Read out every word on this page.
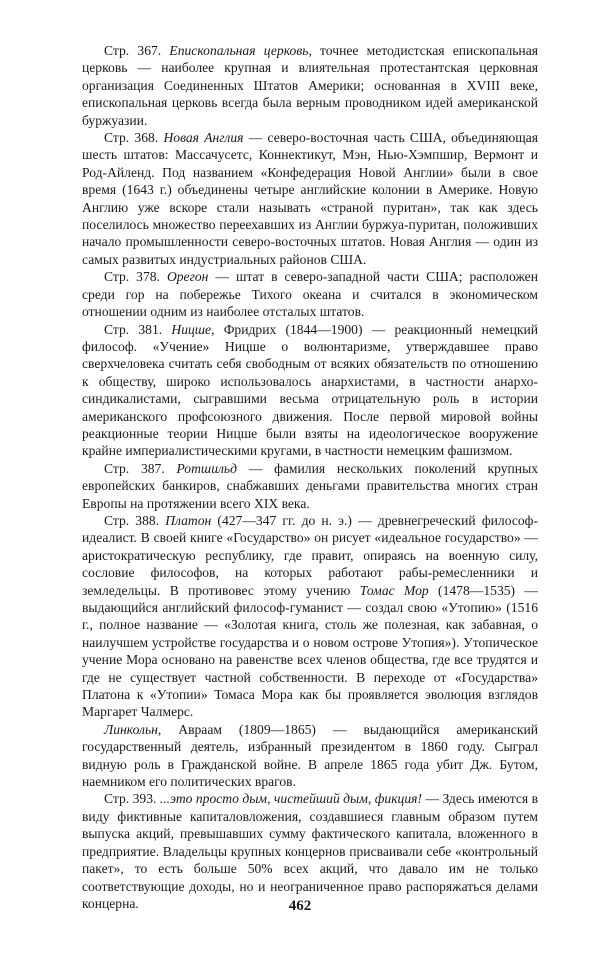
Стр. 367. Епископальная церковь, точнее методистская епископальная церковь — наиболее крупная и влиятельная протестантская церковная организация Соединенных Штатов Америки; основанная в XVIII веке, епископальная церковь всегда была верным проводником идей американской буржуазии.

Стр. 368. Новая Англия — северо-восточная часть США, объединяющая шесть штатов: Массачусетс, Коннектикут, Мэн, Нью-Хэмпшир, Вермонт и Род-Айленд. Под названием «Конфедерация Новой Англии» были в свое время (1643 г.) объединены четыре английские колонии в Америке. Новую Англию уже вскоре стали называть «страной пуритан», так как здесь поселилось множество переехавших из Англии буржуа-пуритан, положивших начало промышленности северо-восточных штатов. Новая Англия — один из самых развитых индустриальных районов США.

Стр. 378. Орегон — штат в северо-западной части США; расположен среди гор на побережье Тихого океана и считался в экономическом отношении одним из наиболее отсталых штатов.

Стр. 381. Ницше, Фридрих (1844—1900) — реакционный немецкий философ. «Учение» Ницше о волюнтаризме, утверждавшее право сверхчеловека считать себя свободным от всяких обязательств по отношению к обществу, широко использовалось анархистами, в частности анархо-синдикалистами, сыгравшими весьма отрицательную роль в истории американского профсоюзного движения. После первой мировой войны реакционные теории Ницше были взяты на идеологическое вооружение крайне империалистическими кругами, в частности немецким фашизмом.

Стр. 387. Ротшильд — фамилия нескольких поколений крупных европейских банкиров, снабжавших деньгами правительства многих стран Европы на протяжении всего XIX века.

Стр. 388. Платон (427—347 гг. до н. э.) — древнегреческий философ-идеалист. В своей книге «Государство» он рисует «идеальное государство» — аристократическую республику, где правит, опираясь на военную силу, сословие философов, на которых работают рабы-ремесленники и земледельцы. В противовес этому учению Томас Мор (1478—1535) — выдающийся английский философ-гуманист — создал свою «Утопию» (1516 г., полное название — «Золотая книга, столь же полезная, как забавная, о наилучшем устройстве государства и о новом острове Утопия»). Утопическое учение Мора основано на равенстве всех членов общества, где все трудятся и где не существует частной собственности. В переходе от «Государства» Платона к «Утопии» Томаса Мора как бы проявляется эволюция взглядов Маргарет Чалмерс.

Линкольн, Авраам (1809—1865) — выдающийся американский государственный деятель, избранный президентом в 1860 году. Сыграл видную роль в Гражданской войне. В апреле 1865 года убит Дж. Бутом, наемником его политических врагов.

Стр. 393. ...это просто дым, чистейший дым, фикция! — Здесь имеются в виду фиктивные капиталовложения, создавшиеся главным образом путем выпуска акций, превышавших сумму фактического капитала, вложенного в предприятие. Владельцы крупных концернов присваивали себе «контрольный пакет», то есть больше 50% всех акций, что давало им не только соответствующие доходы, но и неограниченное право распоряжаться делами концерна.	462
